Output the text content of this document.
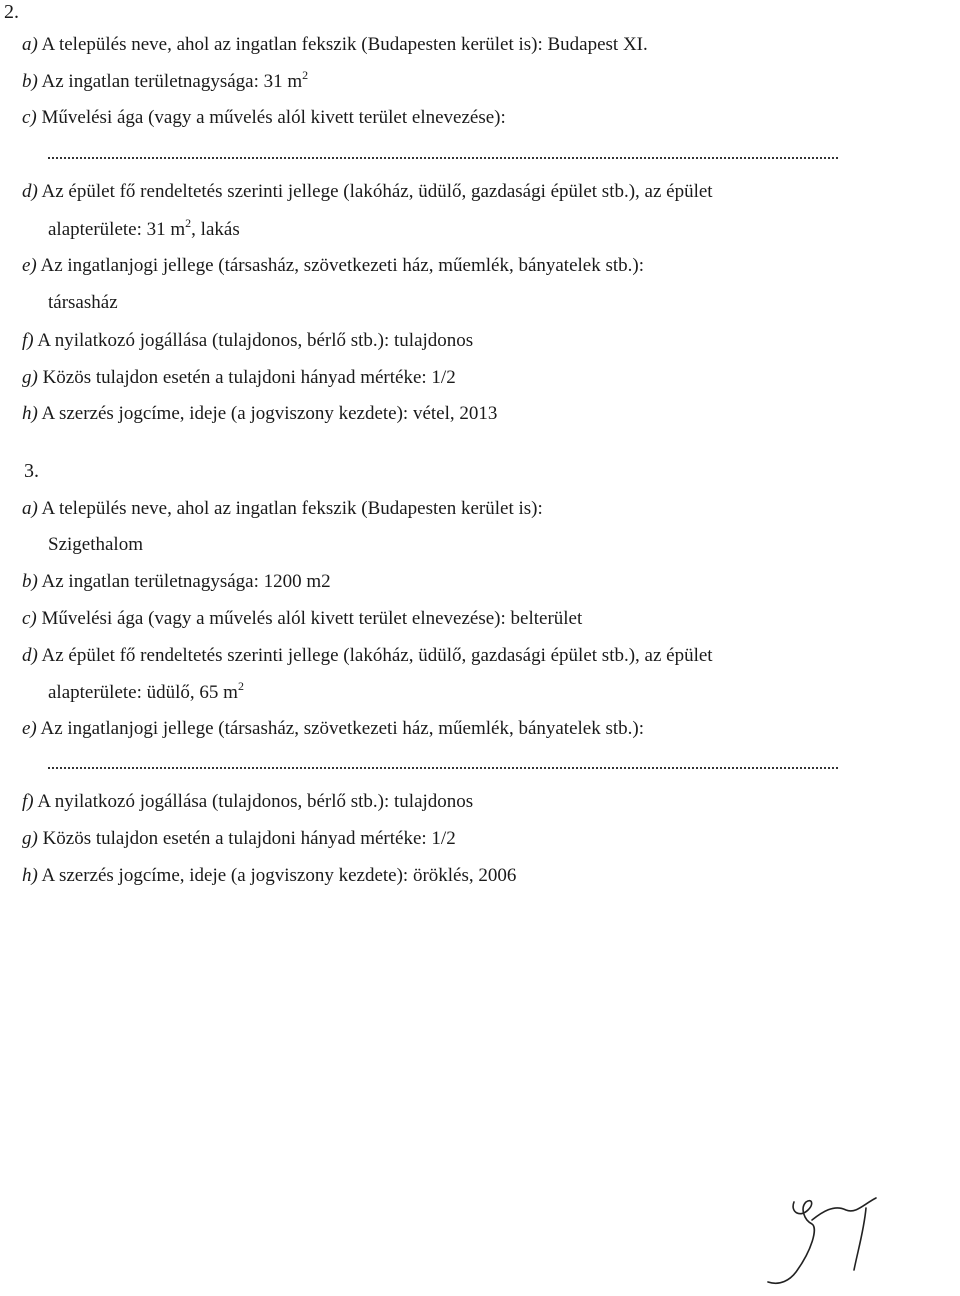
2.
a) A település neve, ahol az ingatlan fekszik (Budapesten kerület is): Budapest XI.
b) Az ingatlan területnagysága: 31 $m^2$
c) Művelési ága (vagy a művelés alól kivett terület elnevezése):
d) Az épület fő rendeltetés szerinti jellege (lakóház, üdülő, gazdasági épület stb.), az épület
alapterülete: 31 $m^2$, lakás
e) Az ingatlanjogi jellege (társasház, szövetkezeti ház, műemlék, bányatelek stb.):
társasház
f) A nyilatkozó jogállása (tulajdonos, bérlő stb.): tulajdonos
g) Közös tulajdon esetén a tulajdoni hányad mértéke: 1/2
h) A szerzés jogcíme, ideje (a jogviszony kezdete): vétel, 2013
3.
a) A település neve, ahol az ingatlan fekszik (Budapesten kerület is):
Szigethalom
b) Az ingatlan területnagysága: 1200 m2
c) Művelési ága (vagy a művelés alól kivett terület elnevezése): belterület
d) Az épület fő rendeltetés szerinti jellege (lakóház, üdülő, gazdasági épület stb.), az épület
alapterülete: üdülő, 65 $m^2$
e) Az ingatlanjogi jellege (társasház, szövetkezeti ház, műemlék, bányatelek stb.):
f) A nyilatkozó jogállása (tulajdonos, bérlő stb.): tulajdonos
g) Közös tulajdon esetén a tulajdoni hányad mértéke: 1/2
h) A szerzés jogcíme, ideje (a jogviszony kezdete): öröklés, 2006
